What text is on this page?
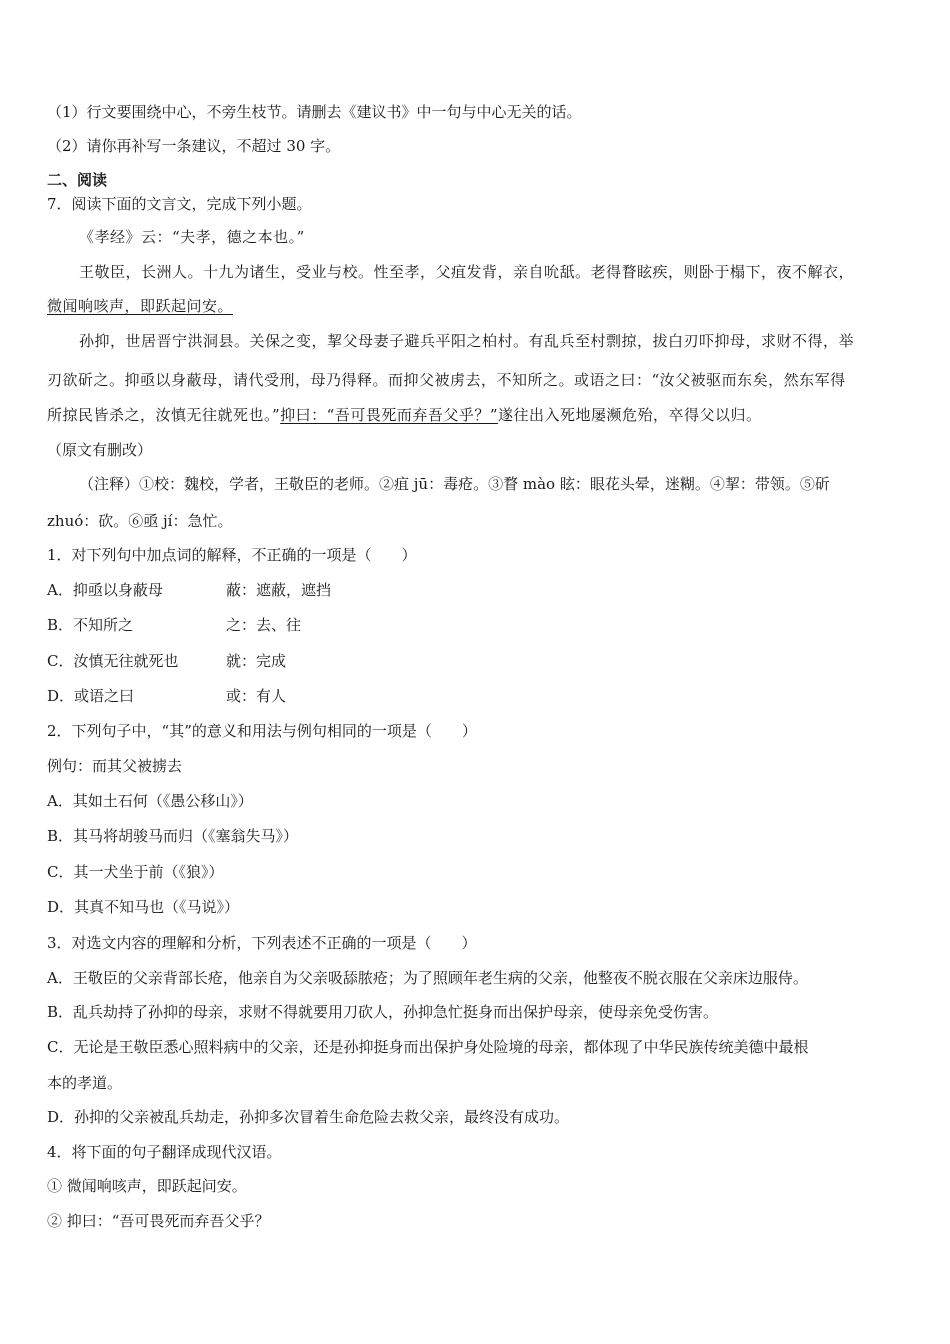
（1）行文要围绕中心，不旁生枝节。请删去《建议书》中一句与中心无关的话。
（2）请你再补写一条建议，不超过 30 字。
二、阅读
7．阅读下面的文言文，完成下列小题。
《孝经》云：“夫孝，德之本也。”
王敬臣，长洲人。十九为诸生，受业与校。性至孝，父疽发背，亲自吮舐。老得瞀眩疾，则卧于榻下，夜不解衣，
微闻响咳声，即跃起问安。
孙抑，世居晋宁洪洞县。关保之变，挈父母妻子避兵平阳之柏村。有乱兵至村剽掠，拔白刃吓抑母，求财不得，举
刃欲斫之。抑亟以身蔽母，请代受刑，母乃得释。而抑父被虏去，不知所之。或语之曰：“汝父被驱而东矣，然东军得
所掠民皆杀之，汝慎无往就死也。”抑曰：“吾可畏死而弃吾父乎？”遂往出入死地屡濒危殆，卒得父以归。
（原文有删改）
（注释）①校：魏校，学者，王敬臣的老师。②疽 jū：毒疮。③瞀 mào 眩：眼花头晕，迷糊。④挈：带领。⑤斫
zhuó：砍。⑥亟 jí：急忙。
1．对下列句中加点词的解释，不正确的一项是（　　）
A．抑亟以身蔽母	蔽：遮蔽，遮挡
B．不知所之	之：去、往
C．汝慎无往就死也	就：完成
D．或语之曰	或：有人
2．下列句子中，“其”的意义和用法与例句相同的一项是（　　）
例句：而其父被掳去
A．其如土石何（《愚公移山》）
B．其马将胡骏马而归（《塞翁失马》）
C．其一犬坐于前（《狼》）
D．其真不知马也（《马说》）
3．对选文内容的理解和分析，下列表述不正确的一项是（　　）
A．王敬臣的父亲背部长疮，他亲自为父亲吸舔脓疮；为了照顾年老生病的父亲，他整夜不脱衣服在父亲床边服侍。
B．乱兵劫持了孙抑的母亲，求财不得就要用刀砍人，孙抑急忙挺身而出保护母亲，使母亲免受伤害。
C．无论是王敬臣悉心照料病中的父亲，还是孙抑挺身而出保护身处险境的母亲，都体现了中华民族传统美德中最根
本的孝道。
D．孙抑的父亲被乱兵劫走，孙抑多次冒着生命危险去救父亲，最终没有成功。
4．将下面的句子翻译成现代汉语。
① 微闻响咳声，即跃起问安。
② 抑曰：“吾可畏死而弃吾父乎？
